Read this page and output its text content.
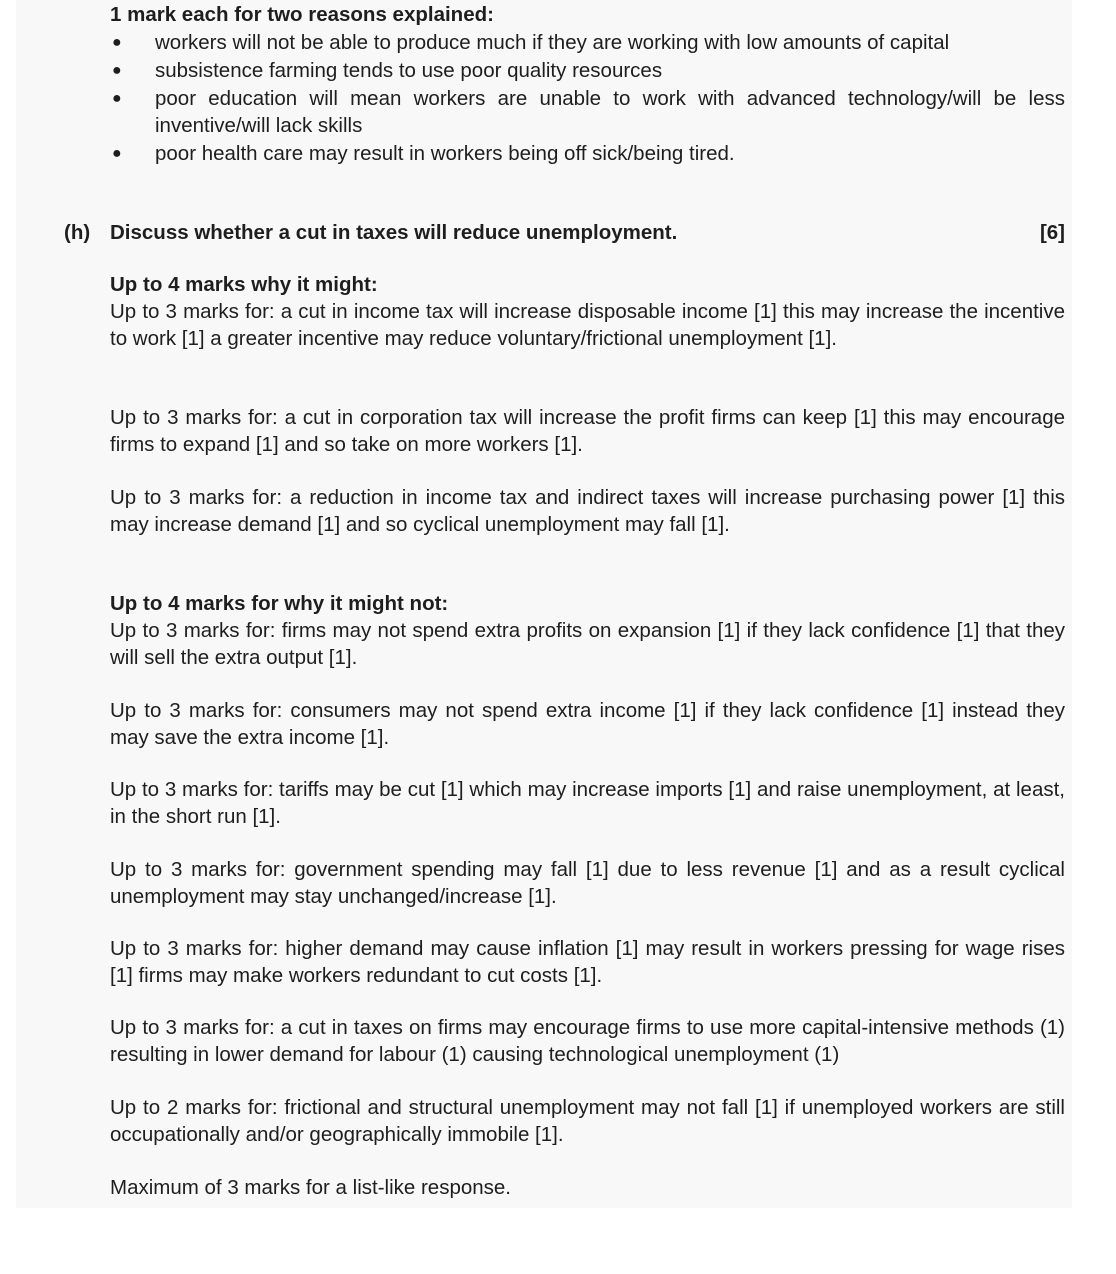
1 mark each for two reasons explained:
● workers will not be able to produce much if they are working with low amounts of capital
● subsistence farming tends to use poor quality resources
● poor education will mean workers are unable to work with advanced technology/will be less inventive/will lack skills
● poor health care may result in workers being off sick/being tired.
(h) Discuss whether a cut in taxes will reduce unemployment.	[6]
Up to 4 marks why it might:
Up to 3 marks for: a cut in income tax will increase disposable income [1] this may increase the incentive to work [1] a greater incentive may reduce voluntary/frictional unemployment [1].
Up to 3 marks for: a cut in corporation tax will increase the profit firms can keep [1] this may encourage firms to expand [1] and so take on more workers [1].
Up to 3 marks for: a reduction in income tax and indirect taxes will increase purchasing power [1] this may increase demand [1] and so cyclical unemployment may fall [1].
Up to 4 marks for why it might not:
Up to 3 marks for: firms may not spend extra profits on expansion [1] if they lack confidence [1] that they will sell the extra output [1].
Up to 3 marks for: consumers may not spend extra income [1] if they lack confidence [1] instead they may save the extra income [1].
Up to 3 marks for: tariffs may be cut [1] which may increase imports [1] and raise unemployment, at least, in the short run [1].
Up to 3 marks for: government spending may fall [1] due to less revenue [1] and as a result cyclical unemployment may stay unchanged/increase [1].
Up to 3 marks for: higher demand may cause inflation [1] may result in workers pressing for wage rises [1] firms may make workers redundant to cut costs [1].
Up to 3 marks for: a cut in taxes on firms may encourage firms to use more capital-intensive methods (1) resulting in lower demand for labour (1) causing technological unemployment (1)
Up to 2 marks for: frictional and structural unemployment may not fall [1] if unemployed workers are still occupationally and/or geographically immobile [1].
Maximum of 3 marks for a list-like response.
